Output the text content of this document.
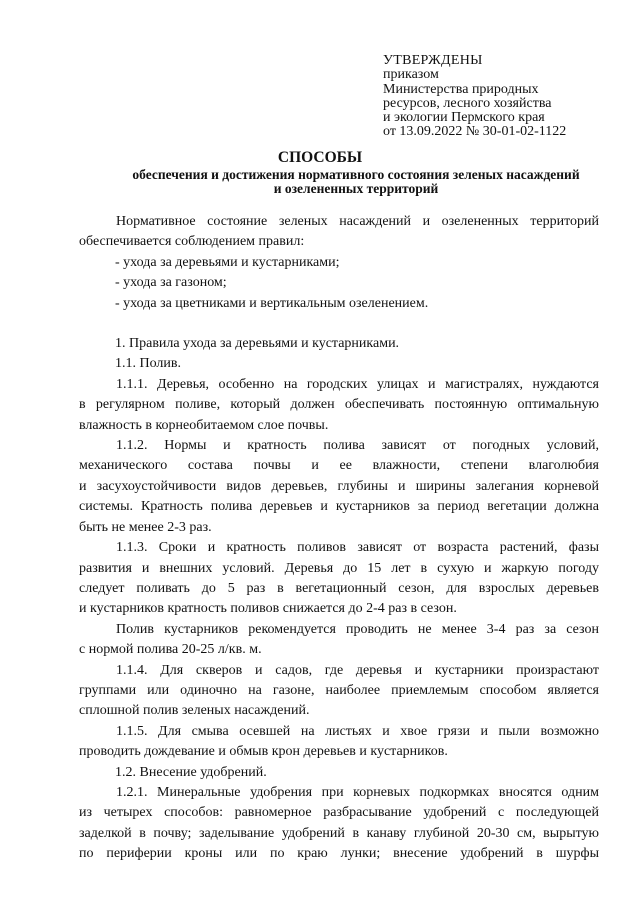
УТВЕРЖДЕНЫ
приказом
Министерства природных
ресурсов, лесного хозяйства
и экологии Пермского края
от 13.09.2022 № 30-01-02-1122
СПОСОБЫ
обеспечения и достижения нормативного состояния зеленых насаждений
и озелененных территорий
Нормативное состояние зеленых насаждений и озелененных территорий
обеспечивается соблюдением правил:
- ухода за деревьями и кустарниками;
- ухода за газоном;
- ухода за цветниками и вертикальным озеленением.
1. Правила ухода за деревьями и кустарниками.
1.1. Полив.
1.1.1. Деревья, особенно на городских улицах и магистралях, нуждаются
в регулярном поливе, который должен обеспечивать постоянную оптимальную
влажность в корнеобитаемом слое почвы.
1.1.2. Нормы и кратность полива зависят от погодных условий,
механического состава почвы и ее влажности, степени влаголюбия
и засухоустойчивости видов деревьев, глубины и ширины залегания корневой
системы. Кратность полива деревьев и кустарников за период вегетации должна
быть не менее 2-3 раз.
1.1.3. Сроки и кратность поливов зависят от возраста растений, фазы
развития и внешних условий. Деревья до 15 лет в сухую и жаркую погоду
следует поливать до 5 раз в вегетационный сезон, для взрослых деревьев
и кустарников кратность поливов снижается до 2-4 раз в сезон.
Полив кустарников рекомендуется проводить не менее 3-4 раз за сезон
с нормой полива 20-25 л/кв. м.
1.1.4. Для скверов и садов, где деревья и кустарники произрастают
группами или одиночно на газоне, наиболее приемлемым способом является
сплошной полив зеленых насаждений.
1.1.5. Для смыва осевшей на листьях и хвое грязи и пыли возможно
проводить дождевание и обмыв крон деревьев и кустарников.
1.2. Внесение удобрений.
1.2.1. Минеральные удобрения при корневых подкормках вносятся одним
из четырех способов: равномерное разбрасывание удобрений с последующей
заделкой в почву; заделывание удобрений в канаву глубиной 20-30 см, вырытую
по периферии кроны или по краю лунки; внесение удобрений в шурфы
